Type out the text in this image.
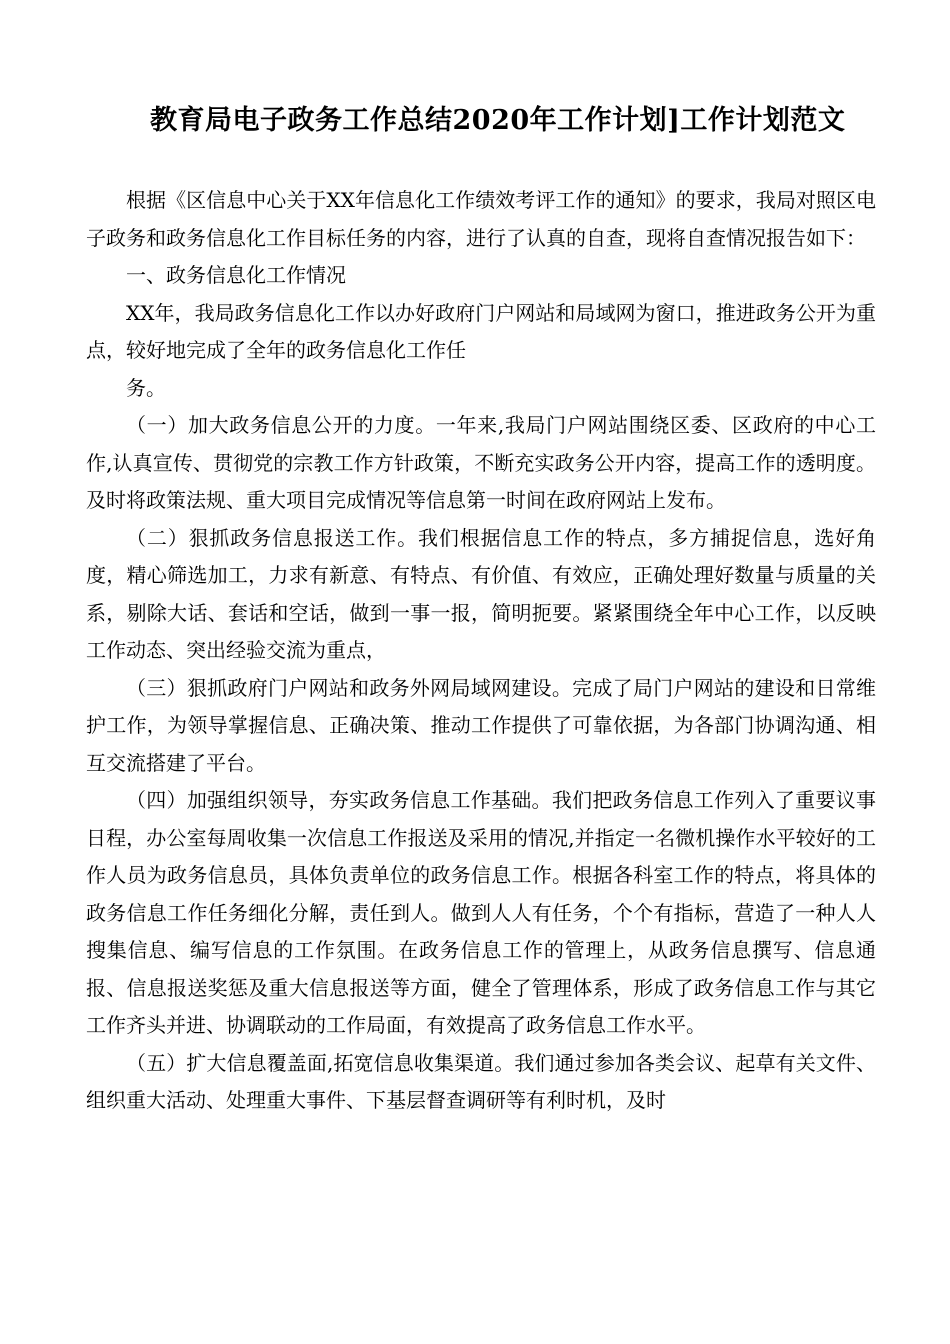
教育局电子政务工作总结2020年工作计划]工作计划范文

根据《区信息中心关于XX年信息化工作绩效考评工作的通知》的要求，我局对照区电子政务和政务信息化工作目标任务的内容，进行了认真的自查，现将自查情况报告如下：

一、政务信息化工作情况

XX年，我局政务信息化工作以办好政府门户网站和局域网为窗口，推进政务公开为重点，较好地完成了全年的政务信息化工作任

务。

（一）加大政务信息公开的力度。一年来,我局门户网站围绕区委、区政府的中心工作,认真宣传、贯彻党的宗教工作方针政策，不断充实政务公开内容，提高工作的透明度。及时将政策法规、重大项目完成情况等信息第一时间在政府网站上发布。

（二）狠抓政务信息报送工作。我们根据信息工作的特点，多方捕捉信息，选好角度，精心筛选加工，力求有新意、有特点、有价值、有效应，正确处理好数量与质量的关系，剔除大话、套话和空话，做到一事一报，简明扼要。紧紧围绕全年中心工作，以反映工作动态、突出经验交流为重点，

（三）狠抓政府门户网站和政务外网局域网建设。完成了局门户网站的建设和日常维护工作，为领导掌握信息、正确决策、推动工作提供了可靠依据，为各部门协调沟通、相互交流搭建了平台。

（四）加强组织领导，夯实政务信息工作基础。我们把政务信息工作列入了重要议事日程，办公室每周收集一次信息工作报送及采用的情况,并指定一名微机操作水平较好的工作人员为政务信息员，具体负责单位的政务信息工作。根据各科室工作的特点，将具体的政务信息工作任务细化分解，责任到人。做到人人有任务，个个有指标，营造了一种人人搜集信息、编写信息的工作氛围。在政务信息工作的管理上，从政务信息撰写、信息通报、信息报送奖惩及重大信息报送等方面，健全了管理体系，形成了政务信息工作与其它工作齐头并进、协调联动的工作局面，有效提高了政务信息工作水平。

（五）扩大信息覆盖面,拓宽信息收集渠道。我们通过参加各类会议、起草有关文件、组织重大活动、处理重大事件、下基层督查调研等有利时机，及时
